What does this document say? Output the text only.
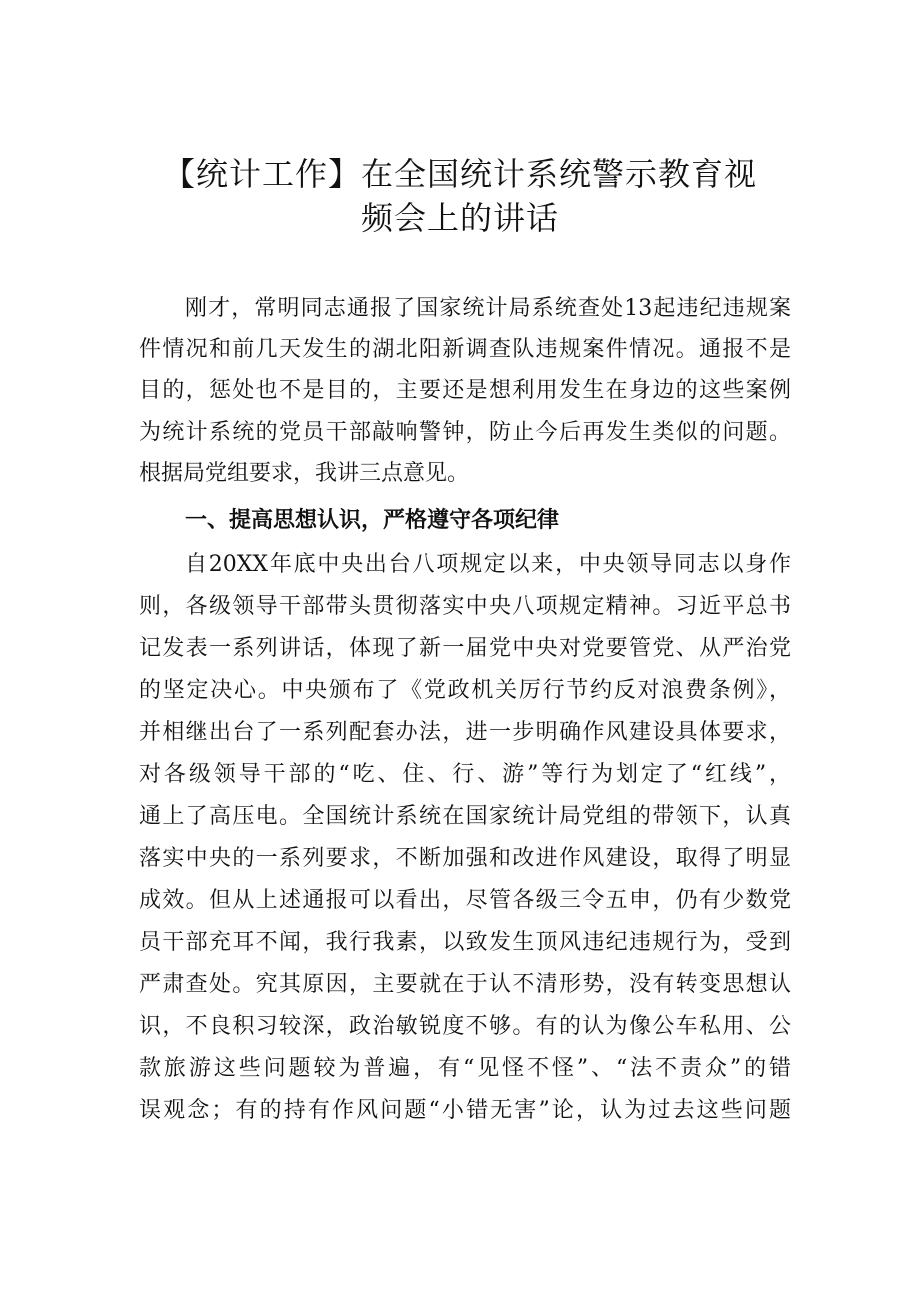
【统计工作】在全国统计系统警示教育视
频会上的讲话
刚才，常明同志通报了国家统计局系统查处13起违纪违规案
件情况和前几天发生的湖北阳新调查队违规案件情况。通报不是
目的，惩处也不是目的，主要还是想利用发生在身边的这些案例
为统计系统的党员干部敲响警钟，防止今后再发生类似的问题。
根据局党组要求，我讲三点意见。
一、提高思想认识，严格遵守各项纪律
自20XX年底中央出台八项规定以来，中央领导同志以身作
则，各级领导干部带头贯彻落实中央八项规定精神。习近平总书
记发表一系列讲话，体现了新一届党中央对党要管党、从严治党
的坚定决心。中央颁布了《党政机关厉行节约反对浪费条例》，
并相继出台了一系列配套办法，进一步明确作风建设具体要求，
对各级领导干部的“吃、住、行、游”等行为划定了“红线”，
通上了高压电。全国统计系统在国家统计局党组的带领下，认真
落实中央的一系列要求，不断加强和改进作风建设，取得了明显
成效。但从上述通报可以看出，尽管各级三令五申，仍有少数党
员干部充耳不闻，我行我素，以致发生顶风违纪违规行为，受到
严肃查处。究其原因，主要就在于认不清形势，没有转变思想认
识，不良积习较深，政治敏锐度不够。有的认为像公车私用、公
款旅游这些问题较为普遍，有“见怪不怪”、“法不责众”的错
误观念；有的持有作风问题“小错无害”论，认为过去这些问题
